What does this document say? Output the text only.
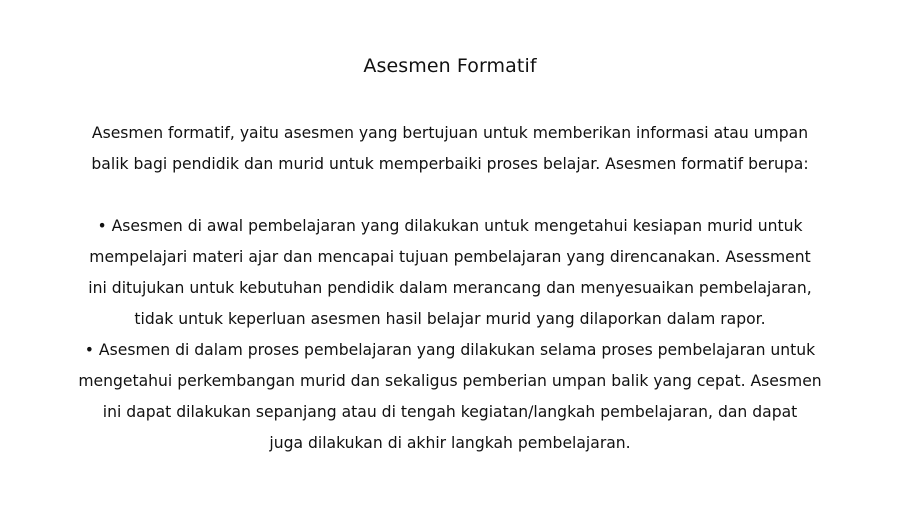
Asesmen Formatif
Asesmen formatif, yaitu asesmen yang bertujuan untuk memberikan informasi atau umpan
balik bagi pendidik dan murid untuk memperbaiki proses belajar. Asesmen formatif berupa:
• Asesmen di awal pembelajaran yang dilakukan untuk mengetahui kesiapan murid untuk
mempelajari materi ajar dan mencapai tujuan pembelajaran yang direncanakan. Asessment
ini ditujukan untuk kebutuhan pendidik dalam merancang dan menyesuaikan pembelajaran,
tidak untuk keperluan asesmen hasil belajar murid yang dilaporkan dalam rapor.
• Asesmen di dalam proses pembelajaran yang dilakukan selama proses pembelajaran untuk
mengetahui perkembangan murid dan sekaligus pemberian umpan balik yang cepat. Asesmen
ini dapat dilakukan sepanjang atau di tengah kegiatan/langkah pembelajaran, dan dapat
juga dilakukan di akhir langkah pembelajaran.
